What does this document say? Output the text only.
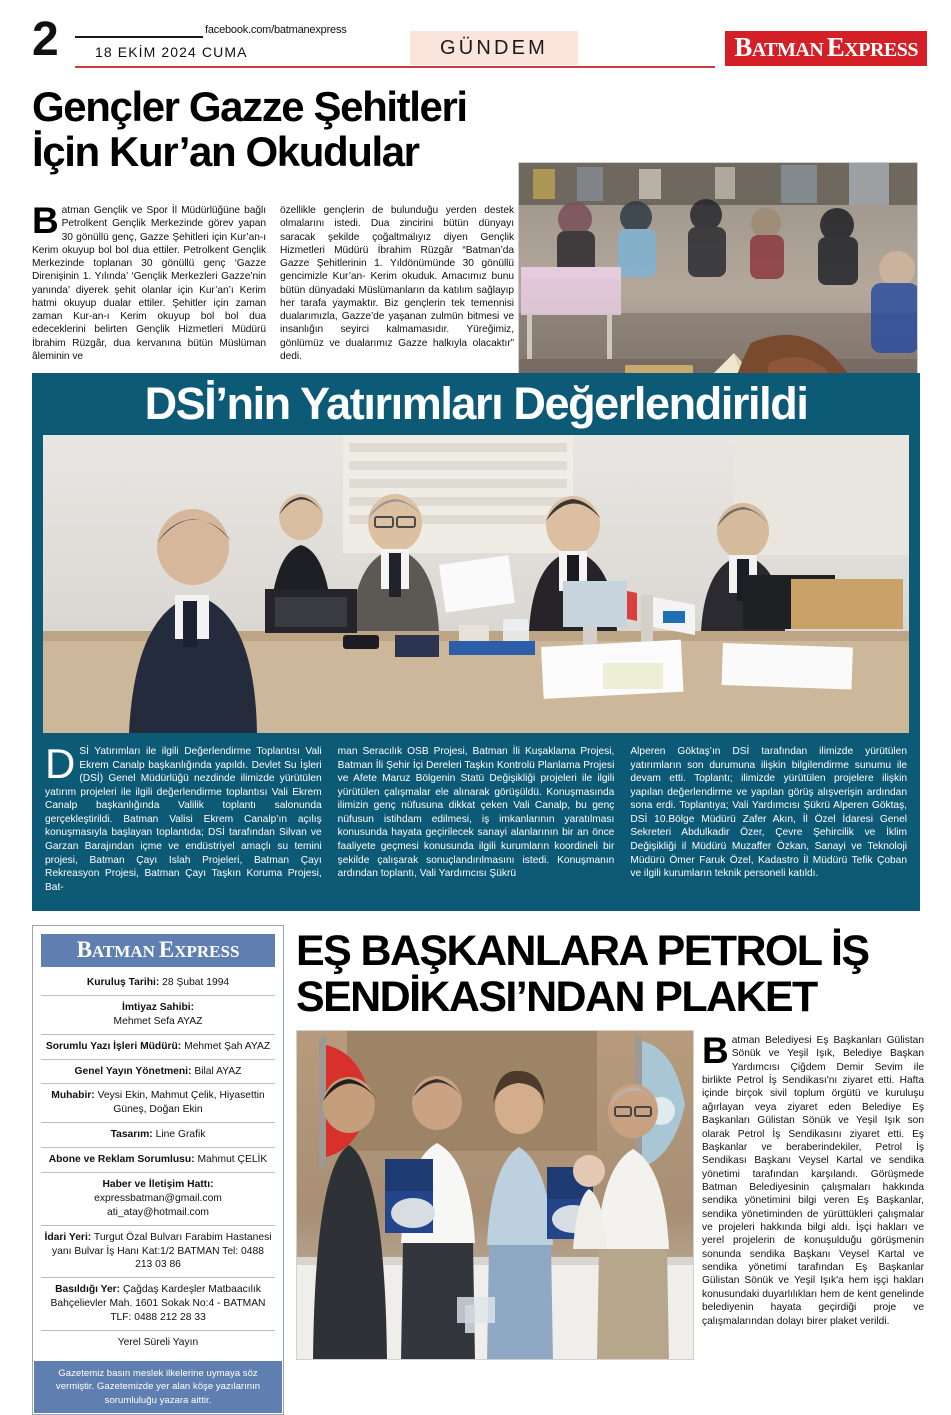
2	facebook.com/batmanexpress
18 EKİM 2024 CUMA	GÜNDEM	BATMAN EXPRESS
Gençler Gazze Şehitleri İçin Kur’an Okudular

Batman Gençlik ve Spor İl Müdürlüğüne bağlı Petrolkent Gençlik Merkezinde görev yapan 30 gönüllü genç, Gazze Şehitleri için Kur’an-ı Kerim okuyup bol bol dua ettiler. Petrolkent Gençlik Merkezinde toplanan 30 gönüllü genç ‘Gazze Direnişinin 1. Yılında’ ‘Gençlik Merkezleri Gazze’nin yanında’ diyerek şehit olanlar için Kur’an’ı Kerim hatmi okuyup dualar ettiler. Şehitler için zaman zaman Kur-an-ı Kerim okuyup bol bol dua edeceklerini belirten Gençlik Hizmetleri Müdürü İbrahim Rüzgâr, dua kervanına bütün Müslüman âleminin ve

özellikle gençlerin de bulunduğu yerden destek olmalarını istedi. Dua zincirini bütün dünyayı saracak şekilde çoğaltmalıyız diyen Gençlik Hizmetleri Müdürü İbrahim Rüzgâr “Batman’da Gazze Şehitlerinin 1. Yıldönümünde 30 gönüllü gencimizle Kur’an- Kerim okuduk. Amacımız bunu bütün dünyadaki Müslümanların da katılım sağlayıp her tarafa yaymaktır. Biz gençlerin tek temennisi dualarımızla, Gazze’de yaşanan zulmün bitmesi ve insanlığın seyirci kalmamasıdır. Yüreğimiz, gönlümüz ve dualarımız Gazze halkıyla olacaktır” dedi.

DSİ’nin Yatırımları Değerlendirildi

DSİ Yatırımları ile ilgili Değerlendirme Toplantısı Vali Ekrem Canalp başkanlığında yapıldı. Devlet Su İşleri (DSİ) Genel Müdürlüğü nezdinde ilimizde yürütülen yatırım projeleri ile ilgili değerlendirme toplantısı Vali Ekrem Canalp başkanlığında Valilik toplantı salonunda gerçekleştirildi. Batman Valisi Ekrem Canalp’ın açılış konuşmasıyla başlayan toplantıda; DSİ tarafından Silvan ve Garzan Barajından içme ve endüstriyel amaçlı su temini projesi, Batman Çayı Islah Projeleri, Batman Çayı Rekreasyon Projesi, Batman Çayı Taşkın Koruma Projesi, Bat-

man Seracılık OSB Projesi, Batman İli Kuşaklama Projesi, Batman İli Şehir İçi Dereleri Taşkın Kontrolü Planlama Projesi ve Afete Maruz Bölgenin Statü Değişikliği projeleri ile ilgili yürütülen çalışmalar ele alınarak görüşüldü. Konuşmasında ilimizin genç nüfusuna dikkat çeken Vali Canalp, bu genç nüfusun istihdam edilmesi, iş imkanlarının yaratılması konusunda hayata geçirilecek sanayi alanlarının bir an önce faaliyete geçmesi konusunda ilgili kurumların koordineli bir şekilde çalışarak sonuçlandırılmasını istedi. Konuşmanın ardından toplantı, Vali Yardımcısı Şükrü

Alperen Göktaş’ın DSİ tarafından ilimizde yürütülen yatırımların son durumuna ilişkin bilgilendirme sunumu ile devam etti. Toplantı; ilimizde yürütülen projelere ilişkin yapılan değerlendirme ve yapılan görüş alışverişin ardından sona erdi. Toplantıya; Vali Yardımcısı Şükrü Alperen Göktaş, DSİ 10.Bölge Müdürü Zafer Akın, İl Özel İdaresi Genel Sekreteri Abdulkadir Özer, Çevre Şehircilik ve İklim Değişikliği il Müdürü Muzaffer Özkan, Sanayi ve Teknoloji Müdürü Ömer Faruk Özel, Kadastro İl Müdürü Tefik Çoban ve ilgili kurumların teknik personeli katıldı.

BATMAN EXPRESS
Kuruluş Tarihi: 28 Şubat 1994
İmtiyaz Sahibi:
Mehmet Sefa AYAZ
Sorumlu Yazı İşleri Müdürü: Mehmet Şah AYAZ
Genel Yayın Yönetmeni: Bilal AYAZ
Muhabir: Veysi Ekin, Mahmut Çelik, Hiyasettin Güneş, Doğan Ekin
Tasarım: Line Grafik
Abone ve Reklam Sorumlusu: Mahmut ÇELİK
Haber ve İletişim Hattı:
expressbatman@gmail.com
ati_atay@hotmail.com
İdari Yeri: Turgut Özal Bulvarı Farabim Hastanesi yanı Bulvar İş Hanı Kat:1/2 BATMAN Tel: 0488 213 03 86
Basıldığı Yer: Çağdaş Kardeşler Matbaacılık Bahçelievler Mah. 1601 Sokak No:4 - BATMAN TLF: 0488 212 28 33
Yerel Süreli Yayın
Gazetemiz basın meslek ilkelerine uymaya söz vermiştir. Gazetemizde yer alan köşe yazılarının sorumluluğu yazara aittir.
EŞ BAŞKANLARA PETROL İŞ SENDİKASI’NDAN PLAKET

Batman Belediyesi Eş Başkanları Gülistan Sönük ve Yeşil Işık, Belediye Başkan Yardımcısı Çiğdem Demir Sevim ile birlikte Petrol İş Sendikası'nı ziyaret etti. Hafta içinde birçok sivil toplum örgütü ve kuruluşu ağırlayan veya ziyaret eden Belediye Eş Başkanları Gülistan Sönük ve Yeşil Işık son olarak Petrol İş Sendikasını ziyaret etti. Eş Başkanlar ve beraberindekiler, Petrol İş Sendikası Başkanı Veysel Kartal ve sendika yönetimi tarafından karşılandı. Görüşmede Batman Belediyesinin çalışmaları hakkında sendika yönetimini bilgi veren Eş Başkanlar, sendika yönetiminden de yürüttükleri çalışmalar ve projeleri hakkında bilgi aldı. İşçi hakları ve yerel projelerin de konuşulduğu görüşmenin sonunda sendika Başkanı Veysel Kartal ve sendika yönetimi tarafından Eş Başkanlar Gülistan Sönük ve Yeşil Işık'a hem işçi hakları konusundaki duyarlılıkları hem de kent genelinde belediyenin hayata geçirdiği proje ve çalışmalarından dolayı birer plaket verildi.
